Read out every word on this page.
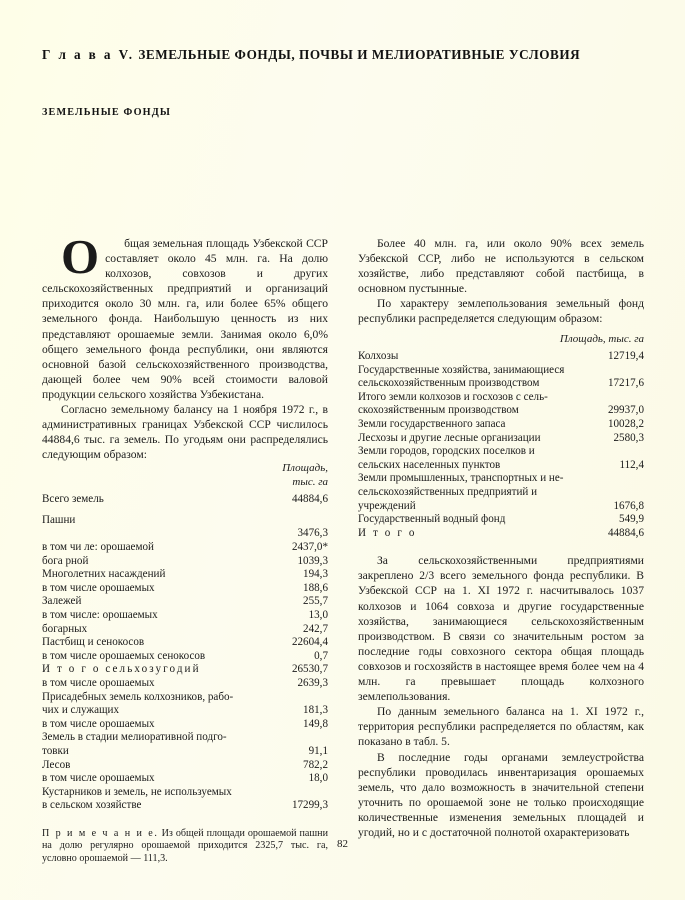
Г л а в а V. ЗЕМЕЛЬНЫЕ ФОНДЫ, ПОЧВЫ И МЕЛИОРАТИВНЫЕ УСЛОВИЯ
ЗЕМЕЛЬНЫЕ ФОНДЫ

О	бщая земельная площадь Узбекской ССР составляет около 45 млн. га. На долю колхозов, совхозов и других сельскохозяйственных предприятий и организаций приходится около 30 млн. га, или более 65% общего земельного фонда. Наибольшую ценность из них представляют орошаемые земли. Занимая около 6,0% общего земельного фонда республики, они являются основной базой сельскохозяйственного производства, дающей более чем 90% всей стоимости валовой продукции сельского хозяйства Узбекистана.

Согласно земельному балансу на 1 ноября 1972 г., в административных границах Узбекской ССР числилось 44884,6 тыс. га земель. По угодьям они распределялись следующим образом:

Площадь,
тыс. га
Всего земель	44884,6

Пашни	
	3476,3
в том чи ле: орошаемой	2437,0*
бога рной	1039,3
Многолетних насаждений	194,3
в том числе орошаемых	188,6
Залежей	255,7
в том числе: орошаемых	13,0
богарных	242,7
Пастбищ и сенокосов	22604,4
в том числе орошаемых сенокосов	0,7
И т о г о сельхозугодий	26530,7
в том числе орошаемых	2639,3
Присадебных земель колхозников, рабо-	
чих и служащих	181,3
в том числе орошаемых	149,8
Земель в стадии мелиоративной подго-	
товки	91,1
Лесов	782,2
в том числе орошаемых	18,0
Кустарников и земель, не используемых	
в сельском хозяйстве	17299,3
П р и м е ч а н и е. Из общей площади орошаемой пашни на долю регулярно орошаемой приходится 2325,7 тыс. га, условно орошаемой — 111,3.

Более 40 млн. га, или около 90% всех земель Узбекской ССР, либо не используются в сельском хозяйстве, либо представляют собой пастбища, в основном пустынные.

По характеру землепользования земельный фонд республики распределяется следующим образом:

Площадь, тыс. га
Колхозы	12719,4
Государственные хозяйства, занимающиеся	
сельскохозяйственным производством	17217,6
Итого земли колхозов и госхозов с сель-	
скохозяйственным производством	29937,0
Земли государственного запаса	10028,2
Лесхозы и другие лесные организации	2580,3
Земли городов, городских поселков и	
сельских населенных пунктов	112,4
Земли промышленных, транспортных и не-	
сельскохозяйственных предприятий и	
учреждений	1676,8
Государственный водный фонд	549,9
И т о г о	44884,6

За сельскохозяйственными предприятиями закреплено 2/3 всего земельного фонда республики. В Узбекской ССР на 1. XI 1972 г. насчитывалось 1037 колхозов и 1064 совхоза и другие государственные хозяйства, занимающиеся сельскохозяйственным производством. В связи со значительным ростом за последние годы совхозного сектора общая площадь совхозов и госхозяйств в настоящее время более чем на 4 млн. га превышает площадь колхозного землепользования.

По данным земельного баланса на 1. XI 1972 г., территория республики распределяется по областям, как показано в табл. 5.

В последние годы органами землеустройства республики проводилась инвентаризация орошаемых земель, что дало возможность в значительной степени уточнить по орошаемой зоне не только происходящие количественные изменения земельных площадей и угодий, но и с достаточной полнотой охарактеризовать

82
